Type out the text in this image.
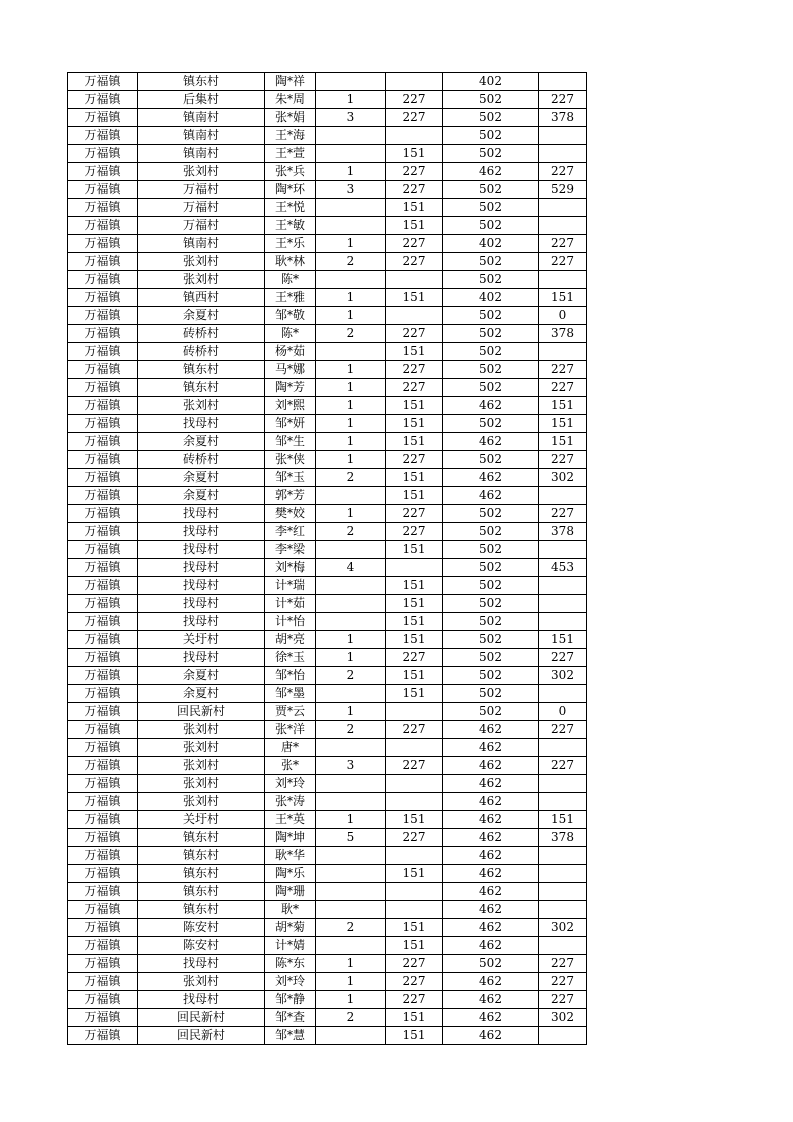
万福镇	镇东村	陶*祥			402	
万福镇	后集村	朱*周	1	227	502	227
万福镇	镇南村	张*娟	3	227	502	378
万福镇	镇南村	王*海			502	
万福镇	镇南村	王*萱		151	502	
万福镇	张刘村	张*兵	1	227	462	227
万福镇	万福村	陶*环	3	227	502	529
万福镇	万福村	王*悦		151	502	
万福镇	万福村	王*敏		151	502	
万福镇	镇南村	王*乐	1	227	402	227
万福镇	张刘村	耿*林	2	227	502	227
万福镇	张刘村	陈*			502	
万福镇	镇西村	王*雅	1	151	402	151
万福镇	余夏村	邹*敬	1		502	0
万福镇	砖桥村	陈*	2	227	502	378
万福镇	砖桥村	杨*茹		151	502	
万福镇	镇东村	马*娜	1	227	502	227
万福镇	镇东村	陶*芳	1	227	502	227
万福镇	张刘村	刘*熙	1	151	462	151
万福镇	找母村	邹*妍	1	151	502	151
万福镇	余夏村	邹*生	1	151	462	151
万福镇	砖桥村	张*侠	1	227	502	227
万福镇	余夏村	邹*玉	2	151	462	302
万福镇	余夏村	郭*芳		151	462	
万福镇	找母村	樊*姣	1	227	502	227
万福镇	找母村	李*红	2	227	502	378
万福镇	找母村	李*梁		151	502	
万福镇	找母村	刘*梅	4		502	453
万福镇	找母村	计*瑞		151	502	
万福镇	找母村	计*茹		151	502	
万福镇	找母村	计*怡		151	502	
万福镇	关圩村	胡*亮	1	151	502	151
万福镇	找母村	徐*玉	1	227	502	227
万福镇	余夏村	邹*怡	2	151	502	302
万福镇	余夏村	邹*墨		151	502	
万福镇	回民新村	贾*云	1		502	0
万福镇	张刘村	张*洋	2	227	462	227
万福镇	张刘村	唐*			462	
万福镇	张刘村	张*	3	227	462	227
万福镇	张刘村	刘*玲			462	
万福镇	张刘村	张*涛			462	
万福镇	关圩村	王*英	1	151	462	151
万福镇	镇东村	陶*坤	5	227	462	378
万福镇	镇东村	耿*华			462	
万福镇	镇东村	陶*乐		151	462	
万福镇	镇东村	陶*珊			462	
万福镇	镇东村	耿*			462	
万福镇	陈安村	胡*菊	2	151	462	302
万福镇	陈安村	计*婧		151	462	
万福镇	找母村	陈*东	1	227	502	227
万福镇	张刘村	刘*玲	1	227	462	227
万福镇	找母村	邹*静	1	227	462	227
万福镇	回民新村	邹*查	2	151	462	302
万福镇	回民新村	邹*慧		151	462	
